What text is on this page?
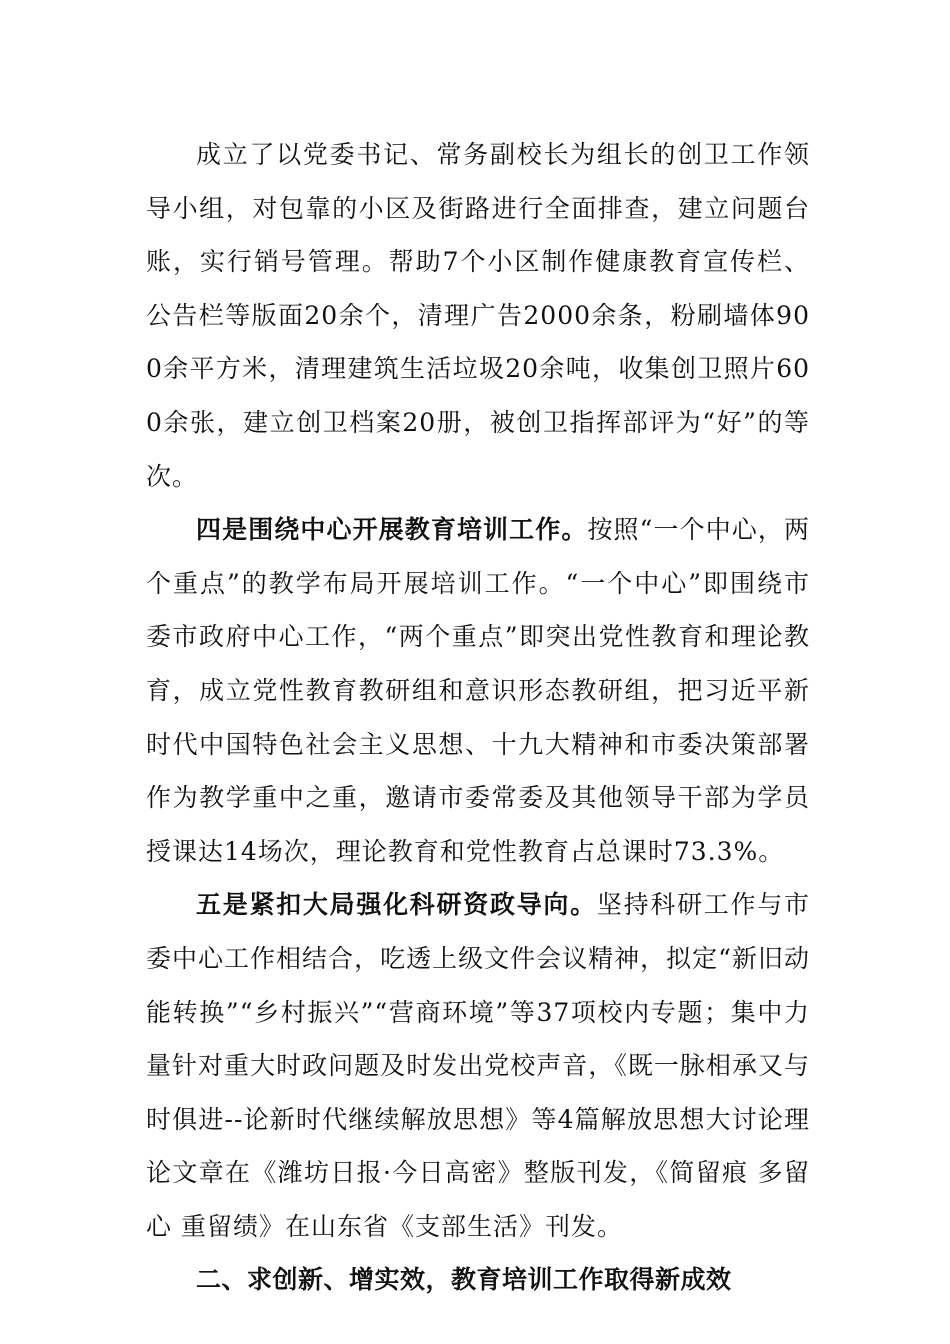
成立了以党委书记、常务副校长为组长的创卫工作领导小组，对包靠的小区及街路进行全面排查，建立问题台账，实行销号管理。帮助7个小区制作健康教育宣传栏、公告栏等版面20余个，清理广告2000余条，粉刷墙体900余平方米，清理建筑生活垃圾20余吨，收集创卫照片600余张，建立创卫档案20册，被创卫指挥部评为“好”的等次。

四是围绕中心开展教育培训工作。按照“一个中心，两个重点”的教学布局开展培训工作。“一个中心”即围绕市委市政府中心工作，“两个重点”即突出党性教育和理论教育，成立党性教育教研组和意识形态教研组，把习近平新时代中国特色社会主义思想、十九大精神和市委决策部署作为教学重中之重，邀请市委常委及其他领导干部为学员授课达14场次，理论教育和党性教育占总课时73.3%。

五是紧扣大局强化科研资政导向。坚持科研工作与市委中心工作相结合，吃透上级文件会议精神，拟定“新旧动能转换”“乡村振兴”“营商环境”等37项校内专题；集中力量针对重大时政问题及时发出党校声音，《既一脉相承又与时俱进--论新时代继续解放思想》等4篇解放思想大讨论理论文章在《潍坊日报·今日高密》整版刊发，《简留痕 多留心 重留绩》在山东省《支部生活》刊发。

二、求创新、增实效，教育培训工作取得新成效
